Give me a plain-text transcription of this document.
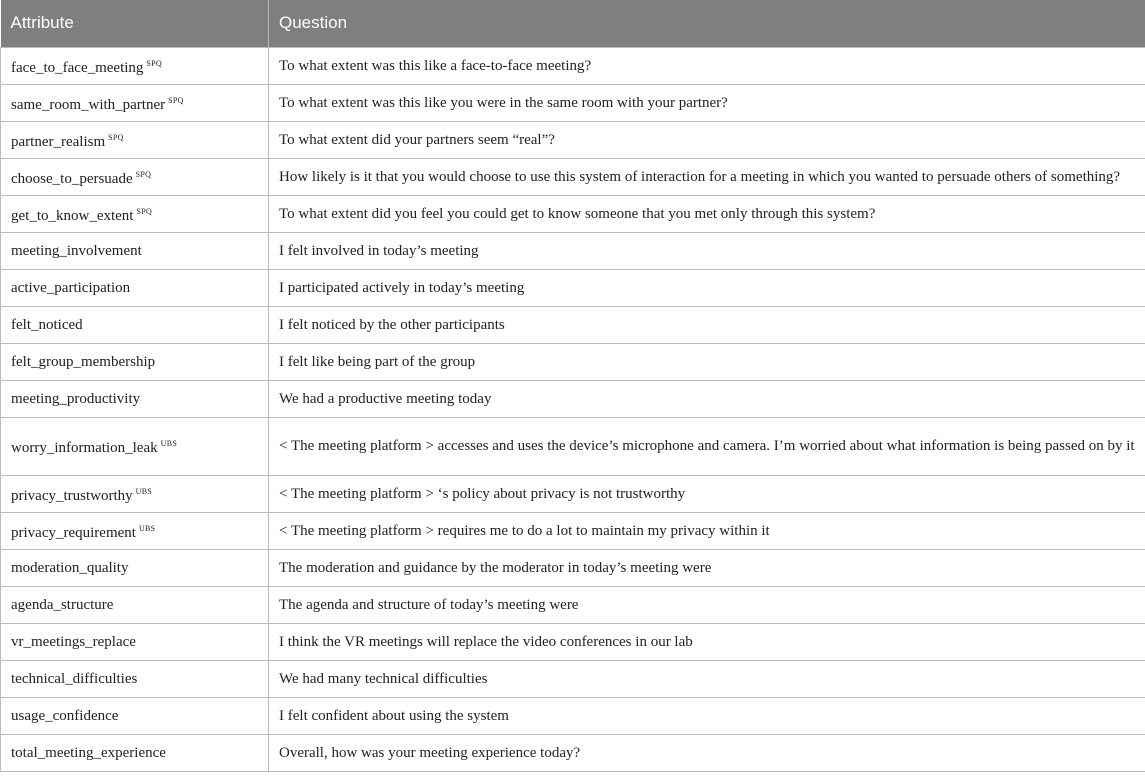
Attribute	Question
face_to_face_meeting $^{SPQ}$	To what extent was this like a face-to-face meeting?
same_room_with_partner $^{SPQ}$	To what extent was this like you were in the same room with your partner?
partner_realism $^{SPQ}$	To what extent did your partners seem “real”?
choose_to_persuade $^{SPQ}$	How likely is it that you would choose to use this system of interaction for a meeting in which you wanted to persuade others of something?
get_to_know_extent $^{SPQ}$	To what extent did you feel you could get to know someone that you met only through this system?
meeting_involvement	I felt involved in today’s meeting
active_participation	I participated actively in today’s meeting
felt_noticed	I felt noticed by the other participants
felt_group_membership	I felt like being part of the group
meeting_productivity	We had a productive meeting today
worry_information_leak $^{UBS}$	< The meeting platform > accesses and uses the device’s microphone and camera. I’m worried about what information is being passed on by it
privacy_trustworthy $^{UBS}$	< The meeting platform > ‘s policy about privacy is not trustworthy
privacy_requirement $^{UBS}$	< The meeting platform > requires me to do a lot to maintain my privacy within it
moderation_quality	The moderation and guidance by the moderator in today’s meeting were
agenda_structure	The agenda and structure of today’s meeting were
vr_meetings_replace	I think the VR meetings will replace the video conferences in our lab
technical_difficulties	We had many technical difficulties
usage_confidence	I felt confident about using the system
total_meeting_experience	Overall, how was your meeting experience today?
